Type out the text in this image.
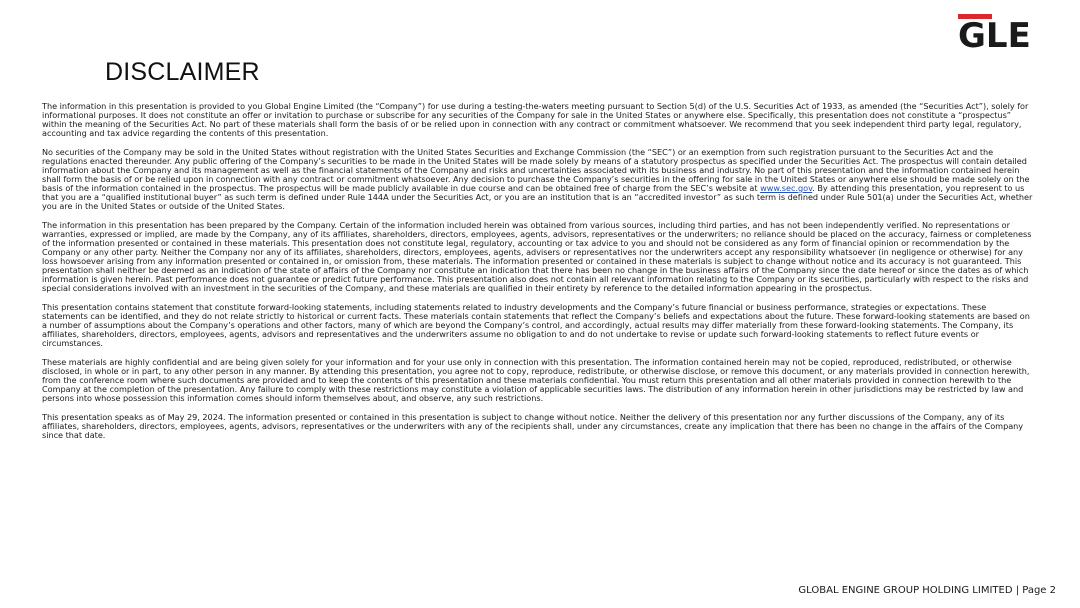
GLE
DISCLAIMER

The information in this presentation is provided to you Global Engine Limited (the “Company”) for use during a testing-the-waters meeting pursuant to Section 5(d) of the U.S. Securities Act of 1933, as amended (the “Securities Act”), solely for informational purposes. It does not constitute an offer or invitation to purchase or subscribe for any securities of the Company for sale in the United States or anywhere else. Specifically, this presentation does not constitute a “prospectus” within the meaning of the Securities Act. No part of these materials shall form the basis of or be relied upon in connection with any contract or commitment whatsoever. We recommend that you seek independent third party legal, regulatory, accounting and tax advice regarding the contents of this presentation.

No securities of the Company may be sold in the United States without registration with the United States Securities and Exchange Commission (the “SEC”) or an exemption from such registration pursuant to the Securities Act and the regulations enacted thereunder. Any public offering of the Company’s securities to be made in the United States will be made solely by means of a statutory prospectus as specified under the Securities Act. The prospectus will contain detailed information about the Company and its management as well as the financial statements of the Company and risks and uncertainties associated with its business and industry. No part of this presentation and the information contained herein shall form the basis of or be relied upon in connection with any contract or commitment whatsoever. Any decision to purchase the Company’s securities in the offering for sale in the United States or anywhere else should be made solely on the basis of the information contained in the prospectus. The prospectus will be made publicly available in due course and can be obtained free of charge from the SEC’s website at www.sec.gov. By attending this presentation, you represent to us that you are a “qualified institutional buyer” as such term is defined under Rule 144A under the Securities Act, or you are an institution that is an “accredited investor” as such term is defined under Rule 501(a) under the Securities Act, whether you are in the United States or outside of the United States.

The information in this presentation has been prepared by the Company. Certain of the information included herein was obtained from various sources, including third parties, and has not been independently verified. No representations or warranties, expressed or implied, are made by the Company, any of its affiliates, shareholders, directors, employees, agents, advisors, representatives or the underwriters; no reliance should be placed on the accuracy, fairness or completeness of the information presented or contained in these materials. This presentation does not constitute legal, regulatory, accounting or tax advice to you and should not be considered as any form of financial opinion or recommendation by the Company or any other party. Neither the Company nor any of its affiliates, shareholders, directors, employees, agents, advisers or representatives nor the underwriters accept any responsibility whatsoever (in negligence or otherwise) for any loss howsoever arising from any information presented or contained in, or omission from, these materials. The information presented or contained in these materials is subject to change without notice and its accuracy is not guaranteed. This presentation shall neither be deemed as an indication of the state of affairs of the Company nor constitute an indication that there has been no change in the business affairs of the Company since the date hereof or since the dates as of which information is given herein. Past performance does not guarantee or predict future performance. This presentation also does not contain all relevant information relating to the Company or its securities, particularly with respect to the risks and special considerations involved with an investment in the securities of the Company, and these materials are qualified in their entirety by reference to the detailed information appearing in the prospectus.

This presentation contains statement that constitute forward-looking statements, including statements related to industry developments and the Company’s future financial or business performance, strategies or expectations. These statements can be identified, and they do not relate strictly to historical or current facts. These materials contain statements that reflect the Company’s beliefs and expectations about the future. These forward-looking statements are based on a number of assumptions about the Company’s operations and other factors, many of which are beyond the Company’s control, and accordingly, actual results may differ materially from these forward-looking statements. The Company, its affiliates, shareholders, directors, employees, agents, advisors and representatives and the underwriters assume no obligation to and do not undertake to revise or update such forward-looking statements to reflect future events or circumstances.

These materials are highly confidential and are being given solely for your information and for your use only in connection with this presentation. The information contained herein may not be copied, reproduced, redistributed, or otherwise disclosed, in whole or in part, to any other person in any manner. By attending this presentation, you agree not to copy, reproduce, redistribute, or otherwise disclose, or remove this document, or any materials provided in connection herewith, from the conference room where such documents are provided and to keep the contents of this presentation and these materials confidential. You must return this presentation and all other materials provided in connection herewith to the Company at the completion of the presentation. Any failure to comply with these restrictions may constitute a violation of applicable securities laws. The distribution of any information herein in other jurisdictions may be restricted by law and persons into whose possession this information comes should inform themselves about, and observe, any such restrictions.

This presentation speaks as of May 29, 2024. The information presented or contained in this presentation is subject to change without notice. Neither the delivery of this presentation nor any further discussions of the Company, any of its affiliates, shareholders, directors, employees, agents, advisors, representatives or the underwriters with any of the recipients shall, under any circumstances, create any implication that there has been no change in the affairs of the Company since that date.

GLOBAL ENGINE GROUP HOLDING LIMITED | Page 2
